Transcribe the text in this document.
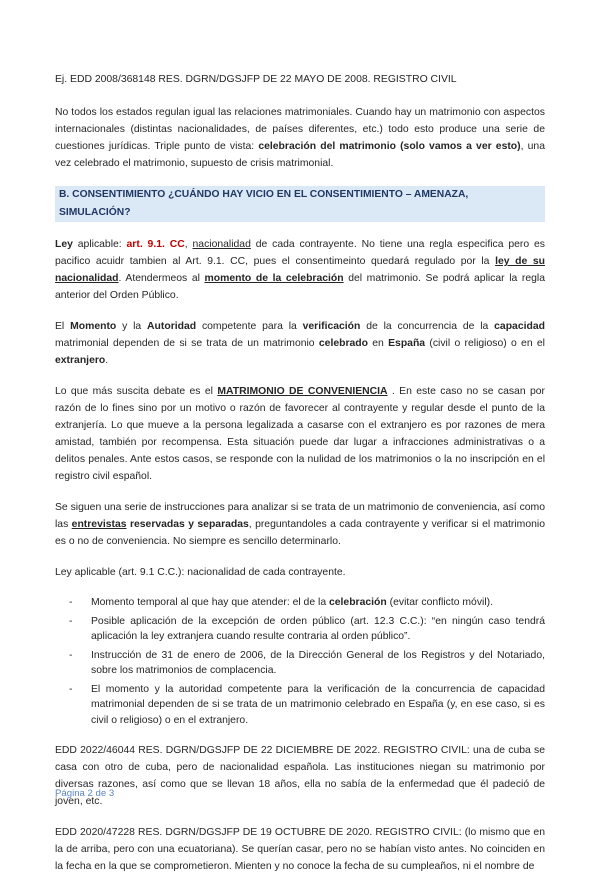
Ej. EDD 2008/368148 RES. DGRN/DGSJFP DE 22 MAYO DE 2008. REGISTRO CIVIL

No todos los estados regulan igual las relaciones matrimoniales. Cuando hay un matrimonio con aspectos internacionales (distintas nacionalidades, de países diferentes, etc.) todo esto produce una serie de cuestiones jurídicas. Triple punto de vista: celebración del matrimonio (solo vamos a ver esto), una vez celebrado el matrimonio, supuesto de crisis matrimonial.

B. CONSENTIMIENTO ¿CUÁNDO HAY VICIO EN EL CONSENTIMIENTO – AMENAZA, SIMULACIÓN?

Ley aplicable: art. 9.1. CC, nacionalidad de cada contrayente. No tiene una regla especifica pero es pacifico acuidr tambien al Art. 9.1. CC, pues el consentimeinto quedará regulado por la ley de su nacionalidad. Atendermeos al momento de la celebración del matrimonio. Se podrá aplicar la regla anterior del Orden Público.

El Momento y la Autoridad competente para la verificación de la concurrencia de la capacidad matrimonial dependen de si se trata de un matrimonio celebrado en España (civil o religioso) o en el extranjero.

Lo que más suscita debate es el MATRIMONIO DE CONVENIENCIA . En este caso no se casan por razón de lo fines sino por un motivo o razón de favorecer al contrayente y regular desde el punto de la extranjería. Lo que mueve a la persona legalizada a casarse con el extranjero es por razones de mera amistad, también por recompensa. Esta situación puede dar lugar a infracciones administrativas o a delitos penales. Ante estos casos, se responde con la nulidad de los matrimonios o la no inscripción en el registro civil español.

Se siguen una serie de instrucciones para analizar si se trata de un matrimonio de conveniencia, así como las entrevistas reservadas y separadas, preguntandoles a cada contrayente y verificar si el matrimonio es o no de conveniencia. No siempre es sencillo determinarlo.

Ley aplicable (art. 9.1 C.C.): nacionalidad de cada contrayente.

- Momento temporal al que hay que atender: el de la celebración (evitar conflicto móvil).
- Posible aplicación de la excepción de orden público (art. 12.3 C.C.): “en ningún caso tendrá aplicación la ley extranjera cuando resulte contraria al orden público”.
- Instrucción de 31 de enero de 2006, de la Dirección General de los Registros y del Notariado, sobre los matrimonios de complacencia.
- El momento y la autoridad competente para la verificación de la concurrencia de capacidad matrimonial dependen de si se trata de un matrimonio celebrado en España (y, en ese caso, si es civil o religioso) o en el extranjero.

EDD 2022/46044 RES. DGRN/DGSJFP DE 22 DICIEMBRE DE 2022. REGISTRO CIVIL: una de cuba se casa con otro de cuba, pero de nacionalidad española. Las instituciones niegan su matrimonio por diversas razones, así como que se llevan 18 años, ella no sabía de la enfermedad que él padeció de joven, etc.

EDD 2020/47228 RES. DGRN/DGSJFP DE 19 OCTUBRE DE 2020. REGISTRO CIVIL: (lo mismo que en la de arriba, pero con una ecuatoriana). Se querían casar, pero no se habían visto antes. No coinciden en la fecha en la que se comprometieron. Mienten y no conoce la fecha de su cumpleaños, ni el nombre de

Página 2 de 3
